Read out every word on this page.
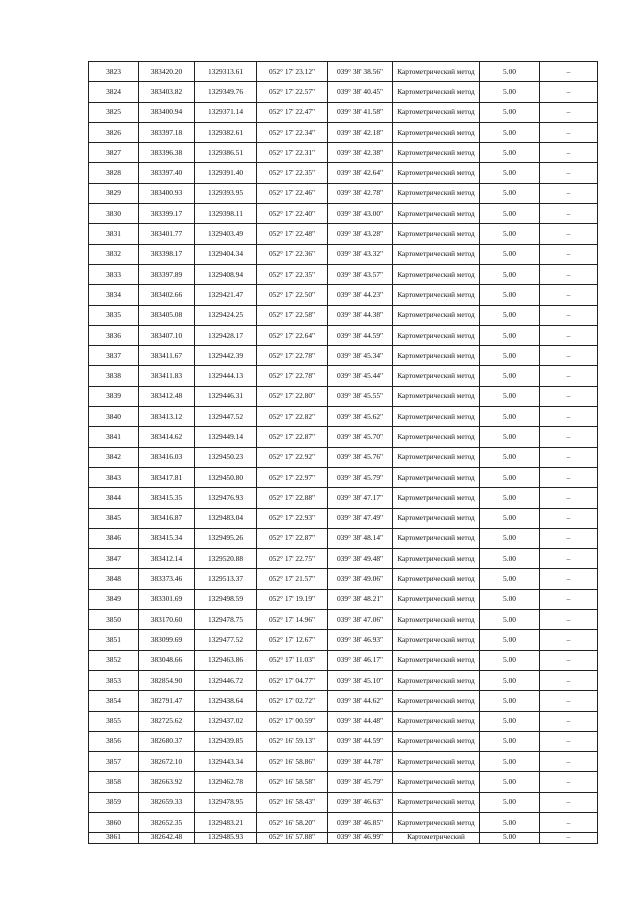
3823	383420.20	1329313.61	052° 17' 23.12"	039° 38' 38.56"	Картометрический метод	5.00	–
3824	383403.82	1329349.76	052° 17' 22.57"	039° 38' 40.45"	Картометрический метод	5.00	–
3825	383400.94	1329371.14	052° 17' 22.47"	039° 38' 41.58"	Картометрический метод	5.00	–
3826	383397.18	1329382.61	052° 17' 22.34"	039° 38' 42.18"	Картометрический метод	5.00	–
3827	383396.38	1329386.51	052° 17' 22.31"	039° 38' 42.38"	Картометрический метод	5.00	–
3828	383397.40	1329391.40	052° 17' 22.35"	039° 38' 42.64"	Картометрический метод	5.00	–
3829	383400.93	1329393.95	052° 17' 22.46"	039° 38' 42.78"	Картометрический метод	5.00	–
3830	383399.17	1329398.11	052° 17' 22.40"	039° 38' 43.00"	Картометрический метод	5.00	–
3831	383401.77	1329403.49	052° 17' 22.48"	039° 38' 43.28"	Картометрический метод	5.00	–
3832	383398.17	1329404.34	052° 17' 22.36"	039° 38' 43.32"	Картометрический метод	5.00	–
3833	383397.89	1329408.94	052° 17' 22.35"	039° 38' 43.57"	Картометрический метод	5.00	–
3834	383402.66	1329421.47	052° 17' 22.50"	039° 38' 44.23"	Картометрический метод	5.00	–
3835	383405.08	1329424.25	052° 17' 22.58"	039° 38' 44.38"	Картометрический метод	5.00	–
3836	383407.10	1329428.17	052° 17' 22.64"	039° 38' 44.59"	Картометрический метод	5.00	–
3837	383411.67	1329442.39	052° 17' 22.78"	039° 38' 45.34"	Картометрический метод	5.00	–
3838	383411.83	1329444.13	052° 17' 22.78"	039° 38' 45.44"	Картометрический метод	5.00	–
3839	383412.48	1329446.31	052° 17' 22.80"	039° 38' 45.55"	Картометрический метод	5.00	–
3840	383413.12	1329447.52	052° 17' 22.82"	039° 38' 45.62"	Картометрический метод	5.00	–
3841	383414.62	1329449.14	052° 17' 22.87"	039° 38' 45.70"	Картометрический метод	5.00	–
3842	383416.03	1329450.23	052° 17' 22.92"	039° 38' 45.76"	Картометрический метод	5.00	–
3843	383417.81	1329450.80	052° 17' 22.97"	039° 38' 45.79"	Картометрический метод	5.00	–
3844	383415.35	1329476.93	052° 17' 22.88"	039° 38' 47.17"	Картометрический метод	5.00	–
3845	383416.87	1329483.04	052° 17' 22.93"	039° 38' 47.49"	Картометрический метод	5.00	–
3846	383415.34	1329495.26	052° 17' 22.87"	039° 38' 48.14"	Картометрический метод	5.00	–
3847	383412.14	1329520.88	052° 17' 22.75"	039° 38' 49.48"	Картометрический метод	5.00	–
3848	383373.46	1329513.37	052° 17' 21.57"	039° 38' 49.06"	Картометрический метод	5.00	–
3849	383301.69	1329498.59	052° 17' 19.19"	039° 38' 48.21"	Картометрический метод	5.00	–
3850	383170.60	1329478.75	052° 17' 14.96"	039° 38' 47.06"	Картометрический метод	5.00	–
3851	383099.69	1329477.52	052° 17' 12.67"	039° 38' 46.93"	Картометрический метод	5.00	–
3852	383048.66	1329463.86	052° 17' 11.03"	039° 38' 46.17"	Картометрический метод	5.00	–
3853	382854.90	1329446.72	052° 17' 04.77"	039° 38' 45.10"	Картометрический метод	5.00	–
3854	382791.47	1329438.64	052° 17' 02.72"	039° 38' 44.62"	Картометрический метод	5.00	–
3855	382725.62	1329437.02	052° 17' 00.59"	039° 38' 44.48"	Картометрический метод	5.00	–
3856	382680.37	1329439.85	052° 16' 59.13"	039° 38' 44.59"	Картометрический метод	5.00	–
3857	382672.10	1329443.34	052° 16' 58.86"	039° 38' 44.78"	Картометрический метод	5.00	–
3858	382663.92	1329462.78	052° 16' 58.58"	039° 38' 45.79"	Картометрический метод	5.00	–
3859	382659.33	1329478.95	052° 16' 58.43"	039° 38' 46.63"	Картометрический метод	5.00	–
3860	382652.35	1329483.21	052° 16' 58.20"	039° 38' 46.85"	Картометрический метод	5.00	–
3861	382642.48	1329485.93	052° 16' 57.88"	039° 38' 46.99"	Картометрический	5.00	–
